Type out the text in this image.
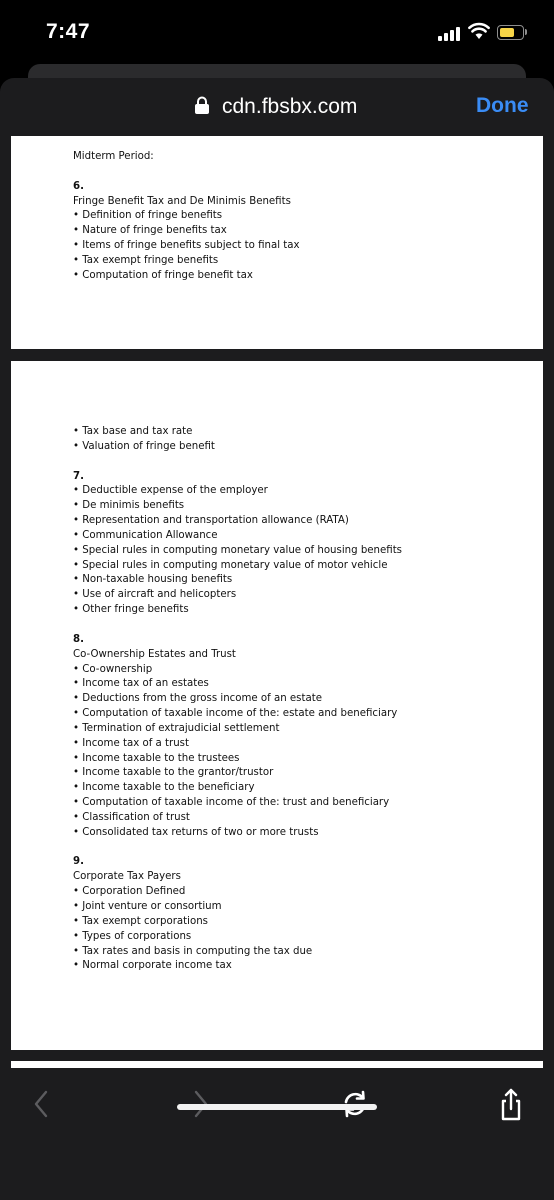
7:47
cdn.fbsbx.com	Done
Midterm Period:
6.
Fringe Benefit Tax and De Minimis Benefits
• Definition of fringe benefits
• Nature of fringe benefits tax
• Items of fringe benefits subject to final tax
• Tax exempt fringe benefits
• Computation of fringe benefit tax
• Tax base and tax rate
• Valuation of fringe benefit
7.
• Deductible expense of the employer
• De minimis benefits
• Representation and transportation allowance (RATA)
• Communication Allowance
• Special rules in computing monetary value of housing benefits
• Special rules in computing monetary value of motor vehicle
• Non-taxable housing benefits
• Use of aircraft and helicopters
• Other fringe benefits
8.
Co-Ownership Estates and Trust
• Co-ownership
• Income tax of an estates
• Deductions from the gross income of an estate
• Computation of taxable income of the: estate and beneficiary
• Termination of extrajudicial settlement
• Income tax of a trust
• Income taxable to the trustees
• Income taxable to the grantor/trustor
• Income taxable to the beneficiary
• Computation of taxable income of the: trust and beneficiary
• Classification of trust
• Consolidated tax returns of two or more trusts
9.
Corporate Tax Payers
• Corporation Defined
• Joint venture or consortium
• Tax exempt corporations
• Types of corporations
• Tax rates and basis in computing the tax due
• Normal corporate income tax
